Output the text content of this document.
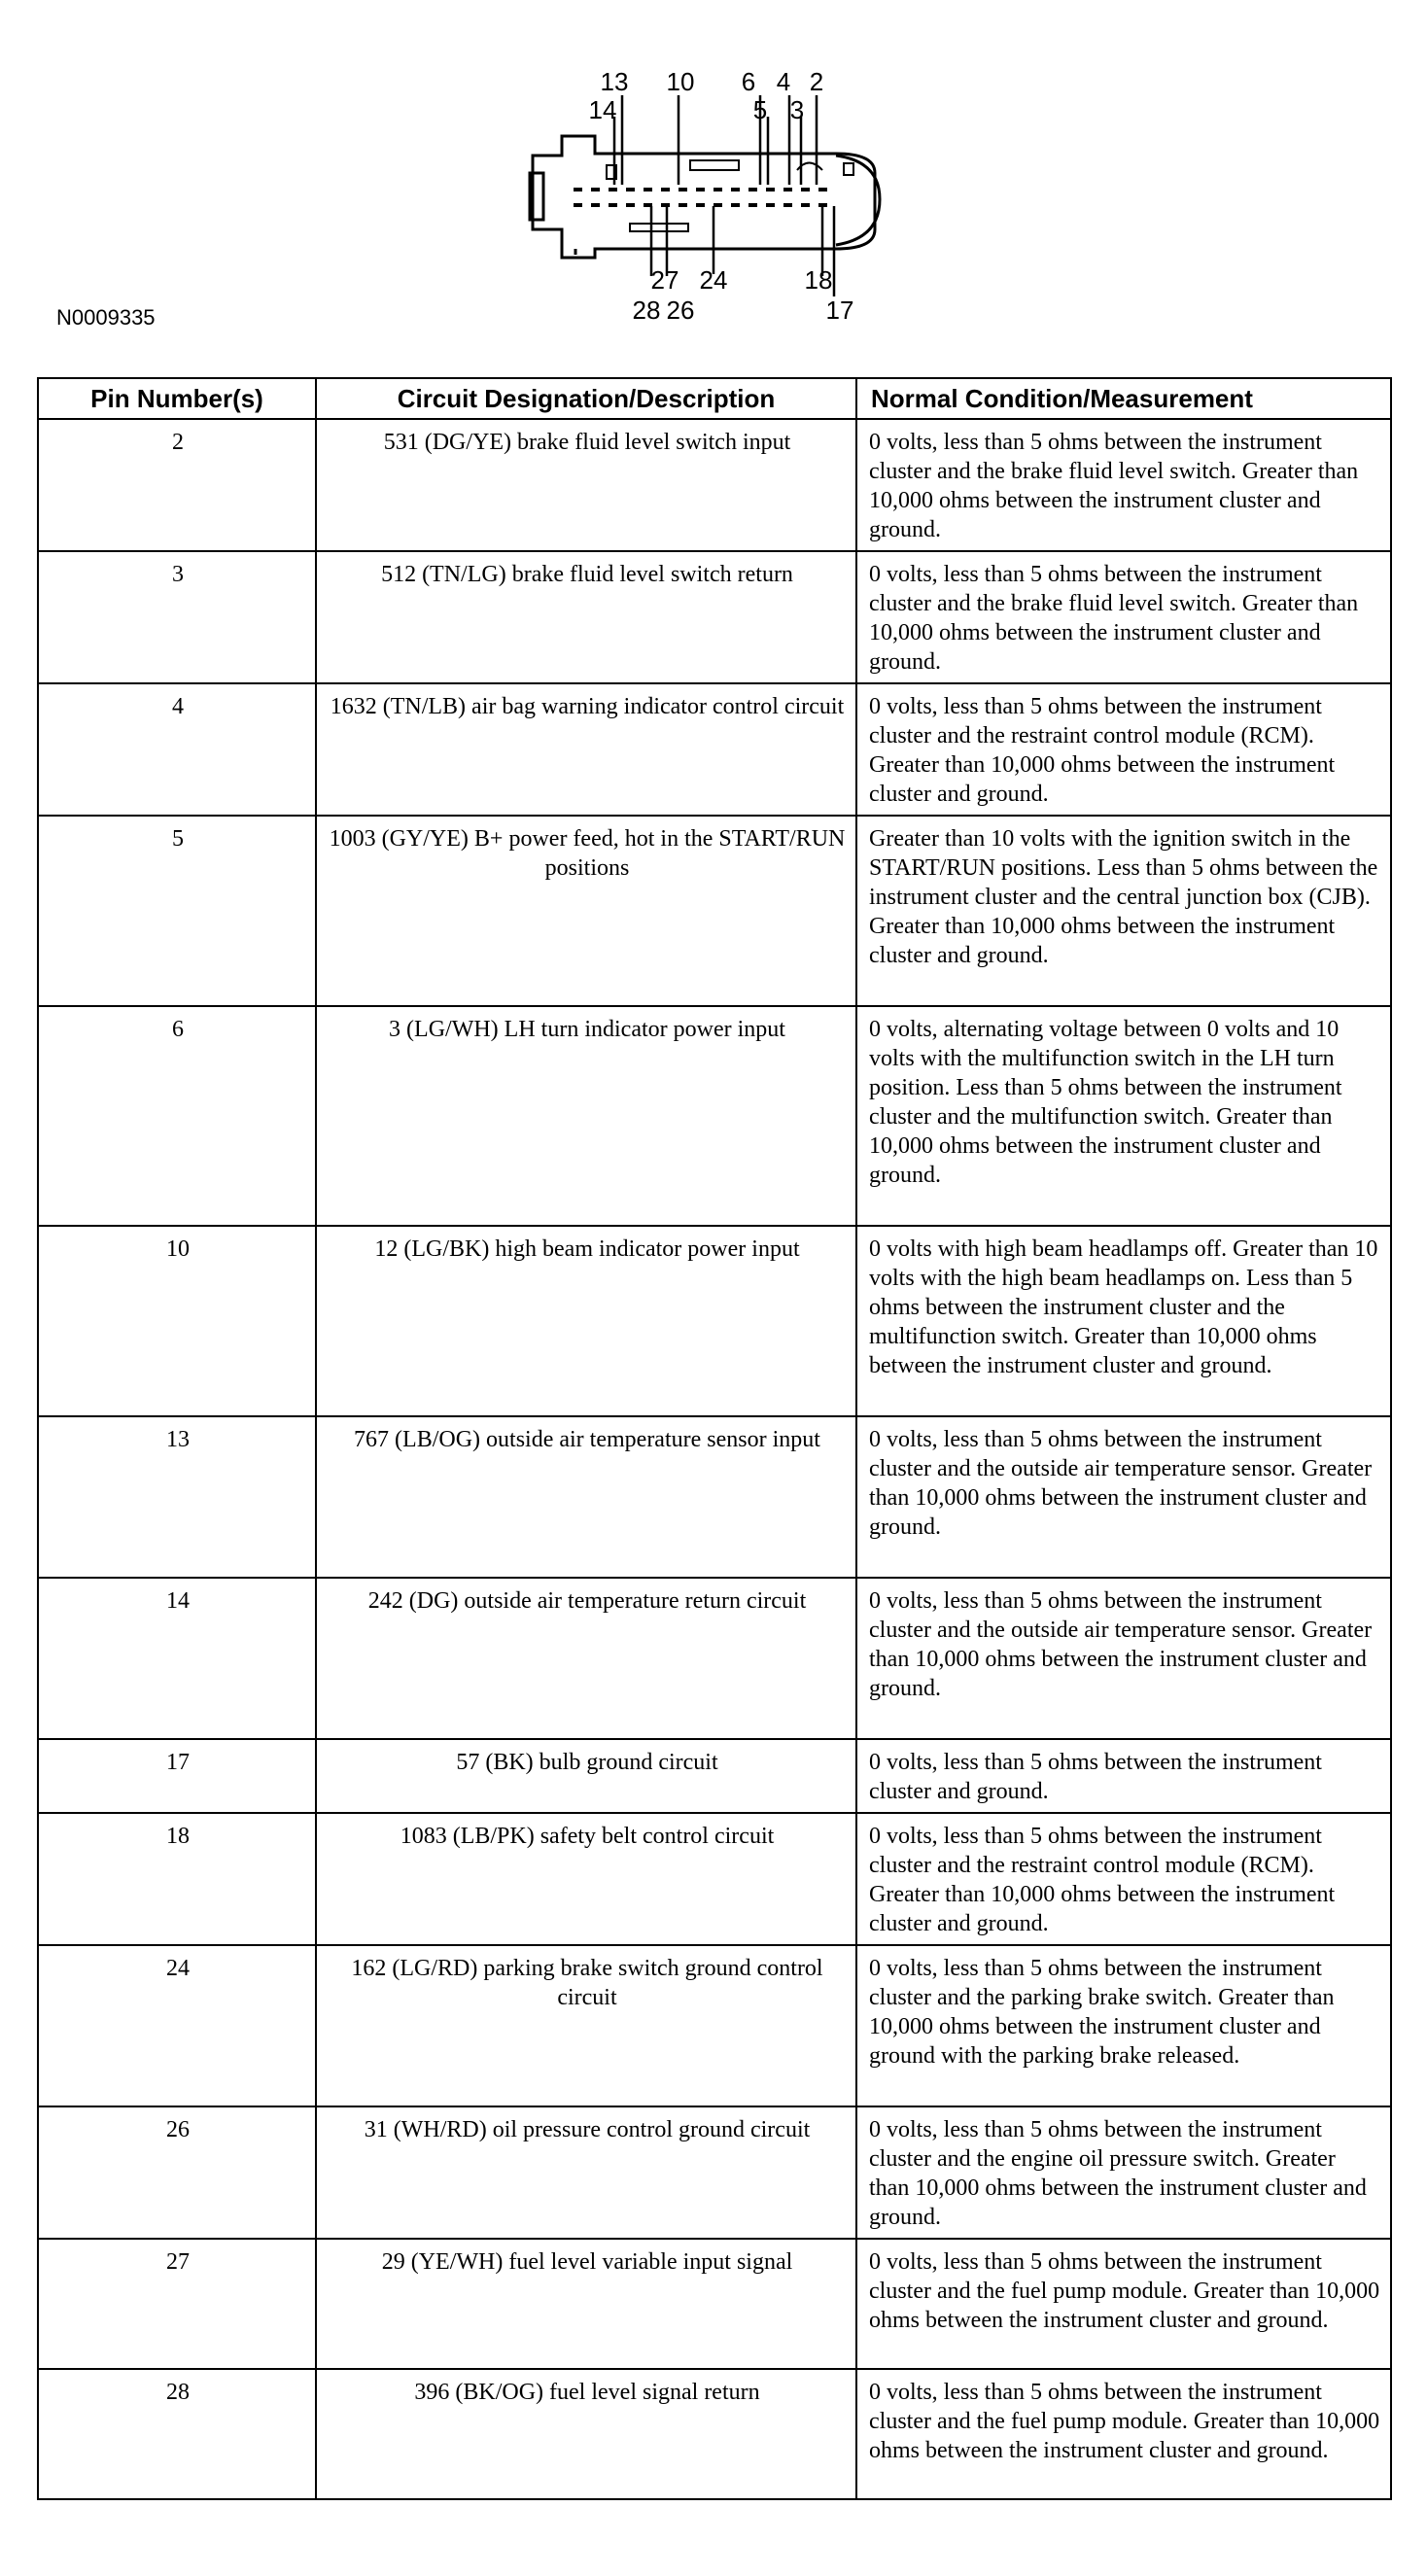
13 10 6 4 2
14	5 3
27 24	18
28 26	17
N0009335
Pin Number(s)	Circuit Designation/Description	Normal Condition/Measurement
2	531 (DG/YE) brake fluid level switch input	0 volts, less than 5 ohms between the instrument cluster and the brake fluid level switch. Greater than 10,000 ohms between the instrument cluster and ground.
3	512 (TN/LG) brake fluid level switch return	0 volts, less than 5 ohms between the instrument cluster and the brake fluid level switch. Greater than 10,000 ohms between the instrument cluster and ground.
4	1632 (TN/LB) air bag warning indicator control circuit	0 volts, less than 5 ohms between the instrument cluster and the restraint control module (RCM). Greater than 10,000 ohms between the instrument cluster and ground.
5	1003 (GY/YE) B+ power feed, hot in the START/RUN positions	Greater than 10 volts with the ignition switch in the START/RUN positions. Less than 5 ohms between the instrument cluster and the central junction box (CJB). Greater than 10,000 ohms between the instrument cluster and ground.
6	3 (LG/WH) LH turn indicator power input	0 volts, alternating voltage between 0 volts and 10 volts with the multifunction switch in the LH turn position. Less than 5 ohms between the instrument cluster and the multifunction switch. Greater than 10,000 ohms between the instrument cluster and ground.
10	12 (LG/BK) high beam indicator power input	0 volts with high beam headlamps off. Greater than 10 volts with the high beam headlamps on. Less than 5 ohms between the instrument cluster and the multifunction switch. Greater than 10,000 ohms between the instrument cluster and ground.
13	767 (LB/OG) outside air temperature sensor input	0 volts, less than 5 ohms between the instrument cluster and the outside air temperature sensor. Greater than 10,000 ohms between the instrument cluster and ground.
14	242 (DG) outside air temperature return circuit	0 volts, less than 5 ohms between the instrument cluster and the outside air temperature sensor. Greater than 10,000 ohms between the instrument cluster and ground.
17	57 (BK) bulb ground circuit	0 volts, less than 5 ohms between the instrument cluster and ground.
18	1083 (LB/PK) safety belt control circuit	0 volts, less than 5 ohms between the instrument cluster and the restraint control module (RCM). Greater than 10,000 ohms between the instrument cluster and ground.
24	162 (LG/RD) parking brake switch ground control circuit	0 volts, less than 5 ohms between the instrument cluster and the parking brake switch. Greater than 10,000 ohms between the instrument cluster and ground with the parking brake released.
26	31 (WH/RD) oil pressure control ground circuit	0 volts, less than 5 ohms between the instrument cluster and the engine oil pressure switch. Greater than 10,000 ohms between the instrument cluster and ground.
27	29 (YE/WH) fuel level variable input signal	0 volts, less than 5 ohms between the instrument cluster and the fuel pump module. Greater than 10,000 ohms between the instrument cluster and ground.
28	396 (BK/OG) fuel level signal return	0 volts, less than 5 ohms between the instrument cluster and the fuel pump module. Greater than 10,000 ohms between the instrument cluster and ground.
